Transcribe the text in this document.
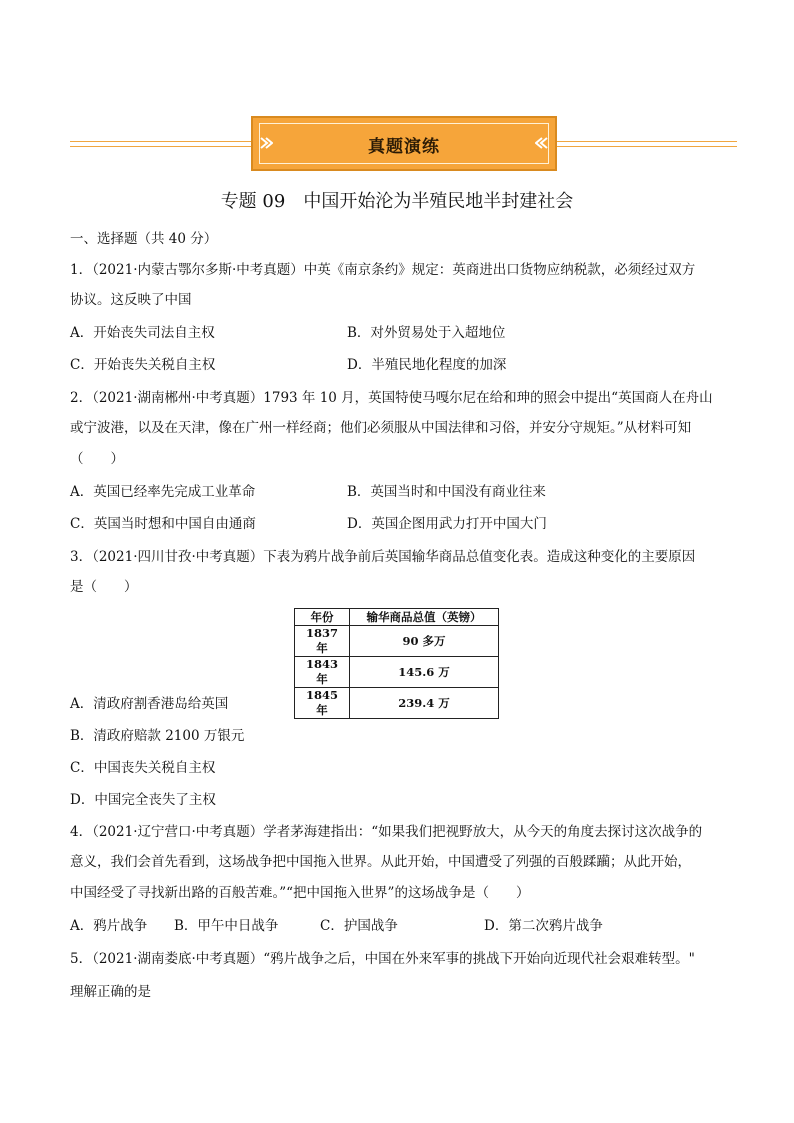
真题演练
专题 09　中国开始沦为半殖民地半封建社会
一、选择题（共 40 分）
1．（2021·内蒙古鄂尔多斯·中考真题）中英《南京条约》规定：英商进出口货物应纳税款，必须经过双方
协议。这反映了中国
A．开始丧失司法自主权	B．对外贸易处于入超地位
C．开始丧失关税自主权	D．半殖民地化程度的加深
2．（2021·湖南郴州·中考真题）1793 年 10 月，英国特使马嘎尔尼在给和珅的照会中提出“英国商人在舟山
或宁波港，以及在天津，像在广州一样经商；他们必须服从中国法律和习俗，并安分守规矩。”从材料可知
（　　）
A．英国已经率先完成工业革命	B．英国当时和中国没有商业往来
C．英国当时想和中国自由通商	D．英国企图用武力打开中国大门
3．（2021·四川甘孜·中考真题）下表为鸦片战争前后英国输华商品总值变化表。造成这种变化的主要原因
是（　　）
年份	输华商品总值（英镑）
1837 年	90 多万
1843 年	145.6 万
1845 年	239.4 万
A．清政府割香港岛给英国
B．清政府赔款 2100 万银元
C．中国丧失关税自主权
D．中国完全丧失了主权
4．（2021·辽宁营口·中考真题）学者茅海建指出：“如果我们把视野放大，从今天的角度去探讨这次战争的
意义，我们会首先看到，这场战争把中国拖入世界。从此开始，中国遭受了列强的百般蹂躏；从此开始，
中国经受了寻找新出路的百般苦难。”“把中国拖入世界”的这场战争是（　　）
A．鸦片战争 B．甲午中日战争	C．护国战争	D．第二次鸦片战争
5．（2021·湖南娄底·中考真题）“鸦片战争之后，中国在外来军事的挑战下开始向近现代社会艰难转型。"
理解正确的是
